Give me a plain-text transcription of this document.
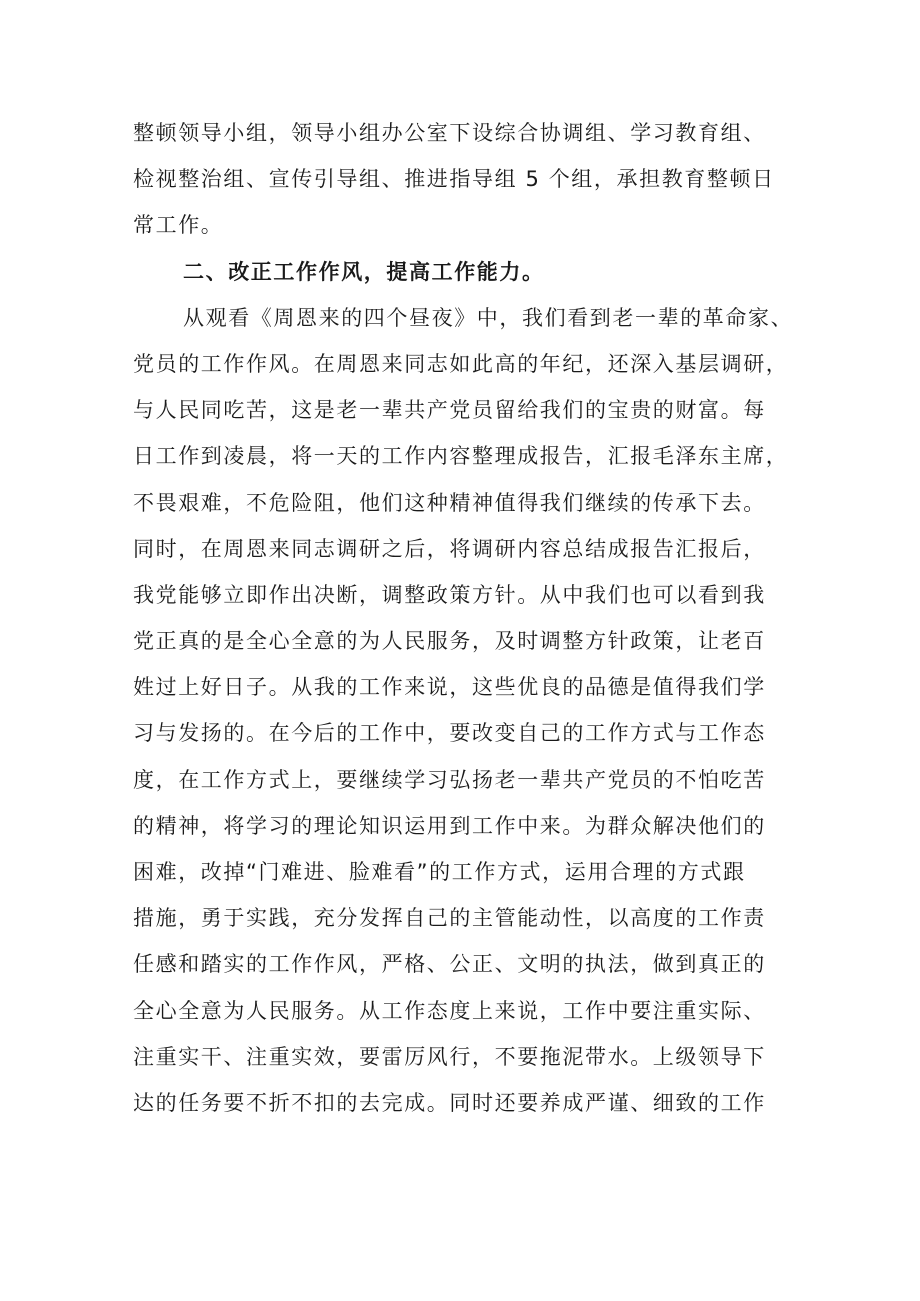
整顿领导小组，领导小组办公室下设综合协调组、学习教育组、
检视整治组、宣传引导组、推进指导组 5 个组，承担教育整顿日
常工作。
二、改正工作作风，提高工作能力。
从观看《周恩来的四个昼夜》中，我们看到老一辈的革命家、
党员的工作作风。在周恩来同志如此高的年纪，还深入基层调研，
与人民同吃苦，这是老一辈共产党员留给我们的宝贵的财富。每
日工作到凌晨，将一天的工作内容整理成报告，汇报毛泽东主席，
不畏艰难，不危险阻，他们这种精神值得我们继续的传承下去。
同时，在周恩来同志调研之后，将调研内容总结成报告汇报后，
我党能够立即作出决断，调整政策方针。从中我们也可以看到我
党正真的是全心全意的为人民服务，及时调整方针政策，让老百
姓过上好日子。从我的工作来说，这些优良的品德是值得我们学
习与发扬的。在今后的工作中，要改变自己的工作方式与工作态
度，在工作方式上，要继续学习弘扬老一辈共产党员的不怕吃苦
的精神，将学习的理论知识运用到工作中来。为群众解决他们的
困难，改掉“门难进、脸难看”的工作方式，运用合理的方式跟
措施，勇于实践，充分发挥自己的主管能动性，以高度的工作责
任感和踏实的工作作风，严格、公正、文明的执法，做到真正的
全心全意为人民服务。从工作态度上来说，工作中要注重实际、
注重实干、注重实效，要雷厉风行，不要拖泥带水。上级领导下
达的任务要不折不扣的去完成。同时还要养成严谨、细致的工作
